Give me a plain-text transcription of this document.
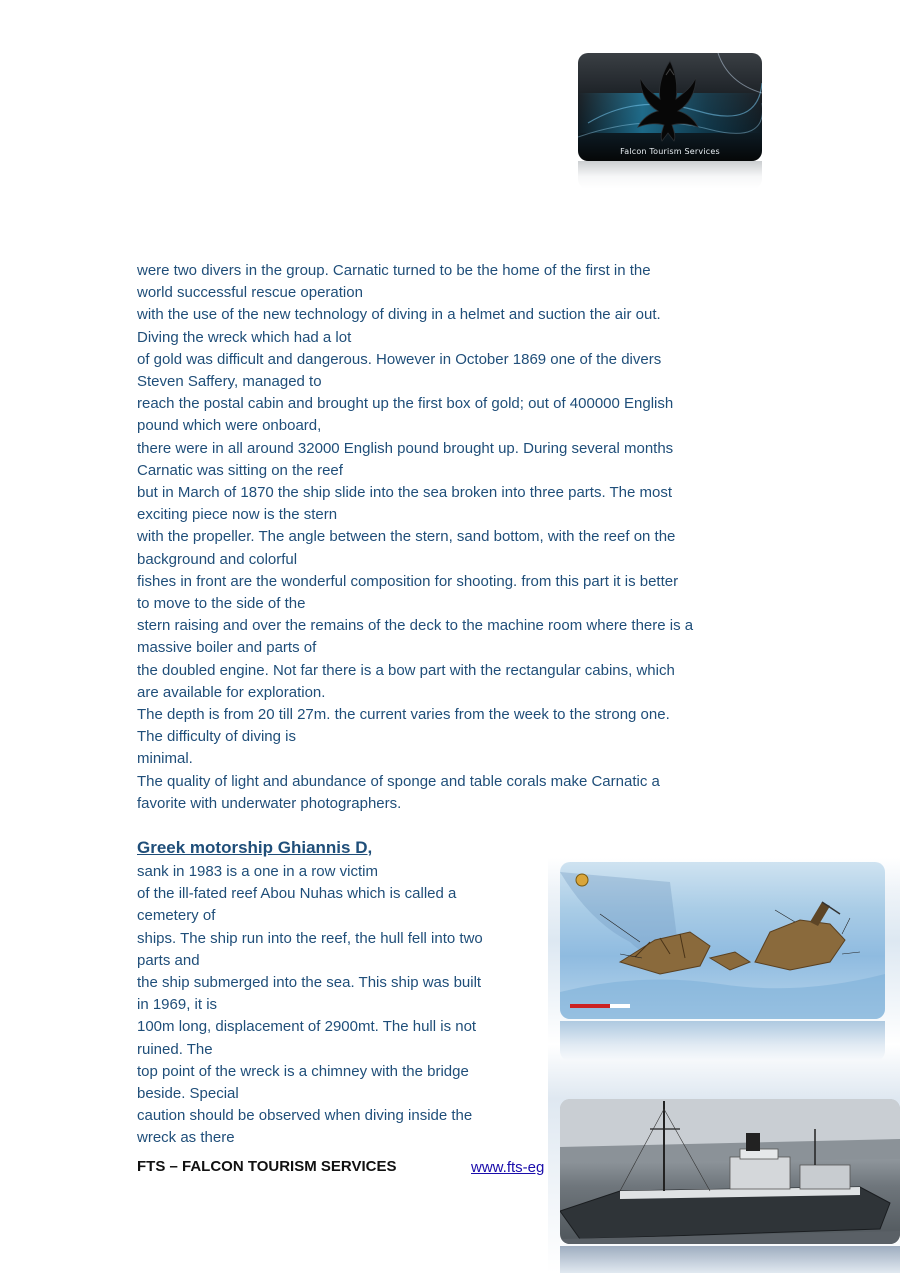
Falcon Tourism Services
were two divers in the group. Carnatic turned to be the home of the first in the
world successful rescue operation
with the use of the new technology of diving in a helmet and suction the air out.
Diving the wreck which had a lot
of gold was difficult and dangerous. However in October 1869 one of the divers
Steven Saffery, managed to
reach the postal cabin and brought up the first box of gold; out of 400000 English
pound which were onboard,
there were in all around 32000 English pound brought up. During several months
Carnatic was sitting on the reef
but in March of 1870 the ship slide into the sea broken into three parts. The most
exciting piece now is the stern
with the propeller. The angle between the stern, sand bottom, with the reef on the
background and colorful
fishes in front are the wonderful composition for shooting. from this part it is better
to move to the side of the
stern raising and over the remains of the deck to the machine room where there is a
massive boiler and parts of
the doubled engine. Not far there is a bow part with the rectangular cabins, which
are available for exploration.
The depth is from 20 till 27m. the current varies from the week to the strong one.
The difficulty of diving is
minimal.
The quality of light and abundance of sponge and table corals make Carnatic a
favorite with underwater photographers.

Greek motorship Ghiannis D,

sank in 1983 is a one in a row victim
of the ill-fated reef Abou Nuhas which is called a
cemetery of
ships. The ship run into the reef, the hull fell into two
parts and
the ship submerged into the sea. This ship was built
in 1969, it is
100m long, displacement of 2900mt. The hull is not
ruined. The
top point of the wreck is a chimney with the bridge
beside. Special
caution should be observed when diving inside the
wreck as there

FTS – FALCON TOURISM SERVICES	www.fts-eg
